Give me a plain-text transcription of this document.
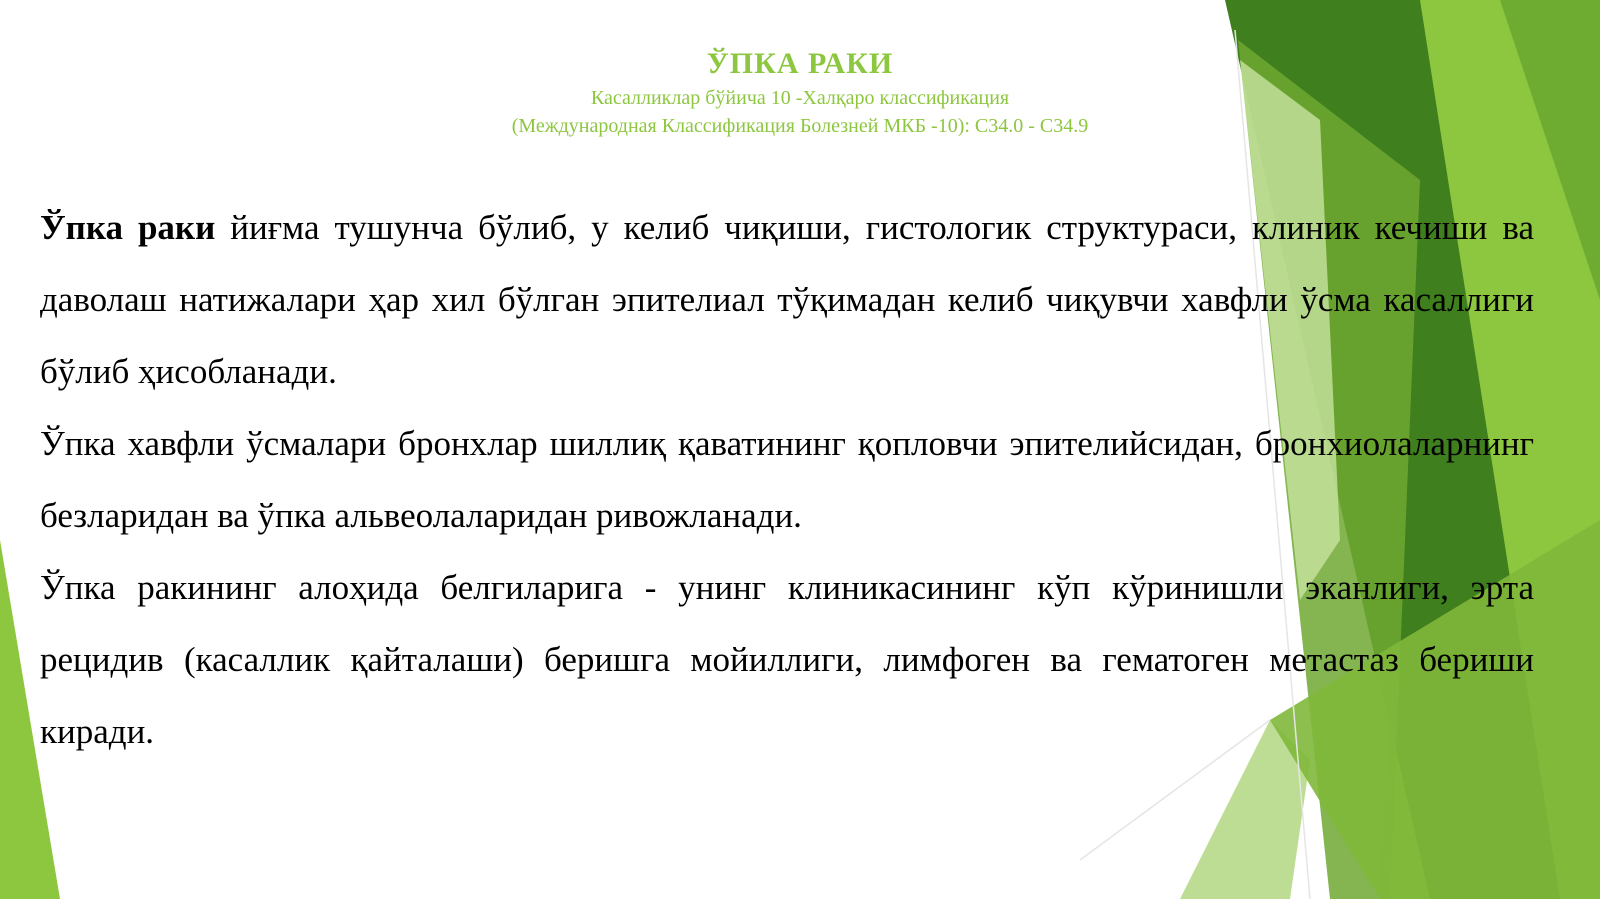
ЎПКА РАКИ
Касалликлар бўйича 10 -Халқаро классификация
(Международная Классификация Болезней МКБ -10): С34.0 - С34.9

Ўпка раки йиғма тушунча бўлиб, у келиб чиқиши, гистологик структураси, клиник кечиши ва даволаш натижалари ҳар хил бўлган эпителиал тўқимадан келиб чиқувчи хавфли ўсма касаллиги бўлиб ҳисобланади.

Ўпка хавфли ўсмалари бронхлар шиллиқ қаватининг қопловчи эпителийсидан, бронхиолаларнинг безларидан ва ўпка альвеолаларидан ривожланади.

Ўпка ракининг алоҳида белгиларига - унинг клиникасининг кўп кўринишли эканлиги, эрта рецидив (касаллик қайталаши) беришга мойиллиги, лимфоген ва гематоген метастаз бериши киради.
